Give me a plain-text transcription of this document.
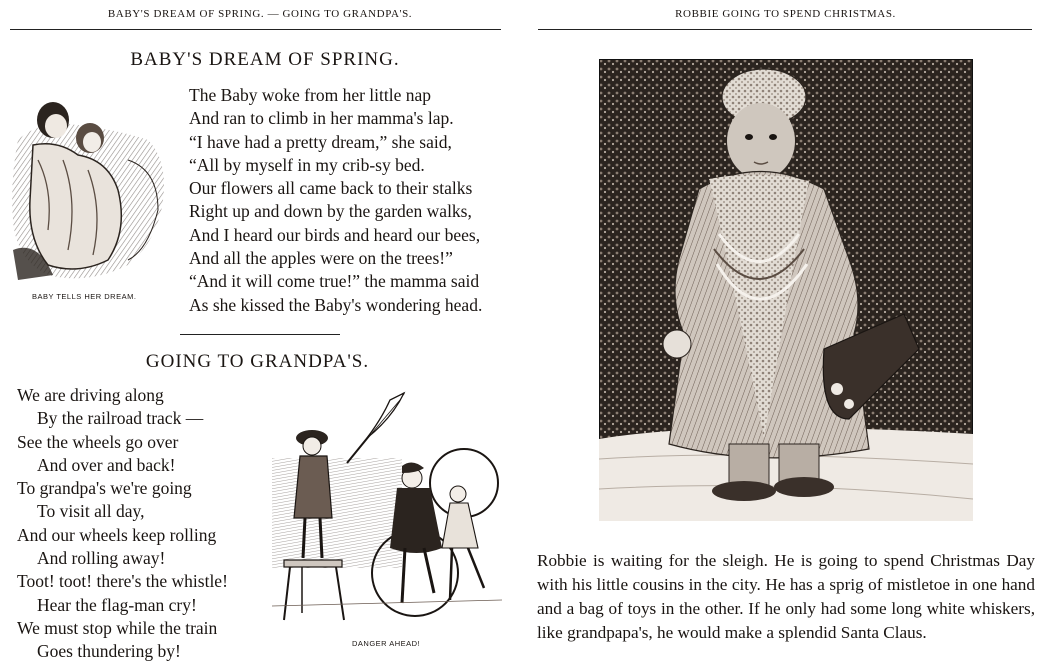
BABY'S DREAM OF SPRING. — GOING TO GRANDPA'S.
BABY'S DREAM OF SPRING.
BABY TELLS HER DREAM.
The Baby woke from her little nap
And ran to climb in her mamma's lap.
“I have had a pretty dream,” she said,
“All by myself in my crib-sy bed.
Our flowers all came back to their stalks
Right up and down by the garden walks,
And I heard our birds and heard our bees,
And all the apples were on the trees!”
“And it will come true!” the mamma said
As she kissed the Baby's wondering head.
GOING TO GRANDPA'S.
We are driving along
By the railroad track —
See the wheels go over
And over and back!
To grandpa's we're going
To visit all day,
And our wheels keep rolling
And rolling away!
Toot! toot! there's the whistle!
Hear the flag-man cry!
We must stop while the train
Goes thundering by!	DANGER AHEAD!
ROBBIE GOING TO SPEND CHRISTMAS.
Robbie is waiting for the sleigh. He is going to spend Christmas Day with his little cousins in the city. He has a sprig of mistletoe in one hand and a bag of toys in the other. If he only had some long white whiskers, like grandpapa's, he would make a splendid Santa Claus.
